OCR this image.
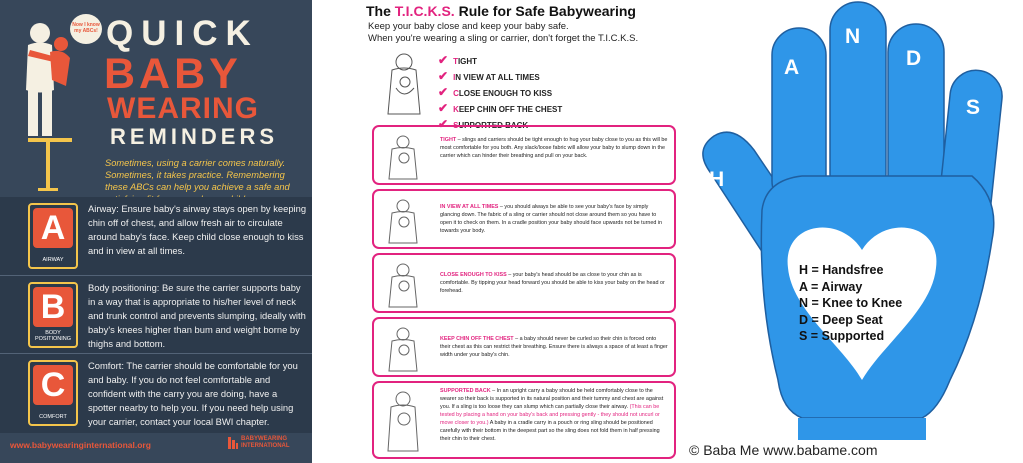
Now I know my ABCs! QUICK
BABY
WEARING
REMINDERS
Sometimes, using a carrier comes naturally. Sometimes, it takes practice. Remembering these ABCs can help you achieve a safe and
A
AIRWAY
Airway: Ensure baby's airway stays open by keeping chin off of chest, and allow fresh air to circulate around baby's face. Keep child close enough to kiss and in view at all times.
B
BODY POSITIONING
Body positioning: Be sure the carrier supports baby in a way that is appropriate to his/her level of neck and trunk control and prevents slumping, ideally with baby's knees higher than bum and weight borne by thighs and bottom.
C
COMFORT
Comfort: The carrier should be comfortable for you and baby. If you do not feel comfortable and confident with the carry you are doing, have a spotter nearby to help you. If you need help using your carrier, contact your local BWI chapter.
www.babywearinginternational.org
BABYWEARING INTERNATIONAL
The T.I.C.K.S. Rule for Safe Babywearing
Keep your baby close and keep your baby safe.
When you're wearing a sling or carrier, don't forget the T.I.C.K.S.
✔ TIGHT
✔ IN VIEW AT ALL TIMES
✔ CLOSE ENOUGH TO KISS
✔ KEEP CHIN OFF THE CHEST
✔ SUPPORTED BACK
TIGHT – slings and carriers should be tight enough to hug your baby close to you as this will be most comfortable for you both. Any slack/loose fabric will allow your baby to slump down in the carrier which can hinder their breathing and pull on your back.
IN VIEW AT ALL TIMES – you should always be able to see your baby's face by simply glancing down. The fabric of a sling or carrier should not close around them so you have to open it to check on them. In a cradle position your baby should face upwards not be turned in towards your body.
CLOSE ENOUGH TO KISS – your baby's head should be as close to your chin as is comfortable. By tipping your head forward you should be able to kiss your baby on the head or forehead.
KEEP CHIN OFF THE CHEST – a baby should never be curled so their chin is forced onto their chest as this can restrict their breathing. Ensure there is always a space of at least a finger width under your baby's chin.
SUPPORTED BACK – In an upright carry a baby should be held comfortably close to the wearer so their back is supported in its natural position and their tummy and chest are against you. If a sling is too loose they can slump which can partially close their airway. (This can be tested by placing a hand on your baby's back and pressing gently - they should not uncurl or move closer to you.) A baby in a cradle carry in a pouch or ring sling should be positioned carefully with their bottom in the deepest part so the sling does not fold them in half pressing their chin to their chest.
H
A
N
D
S
H = Handsfree
A = Airway
N = Knee to Knee
D = Deep Seat
S = Supported
© Baba Me www.babame.com
